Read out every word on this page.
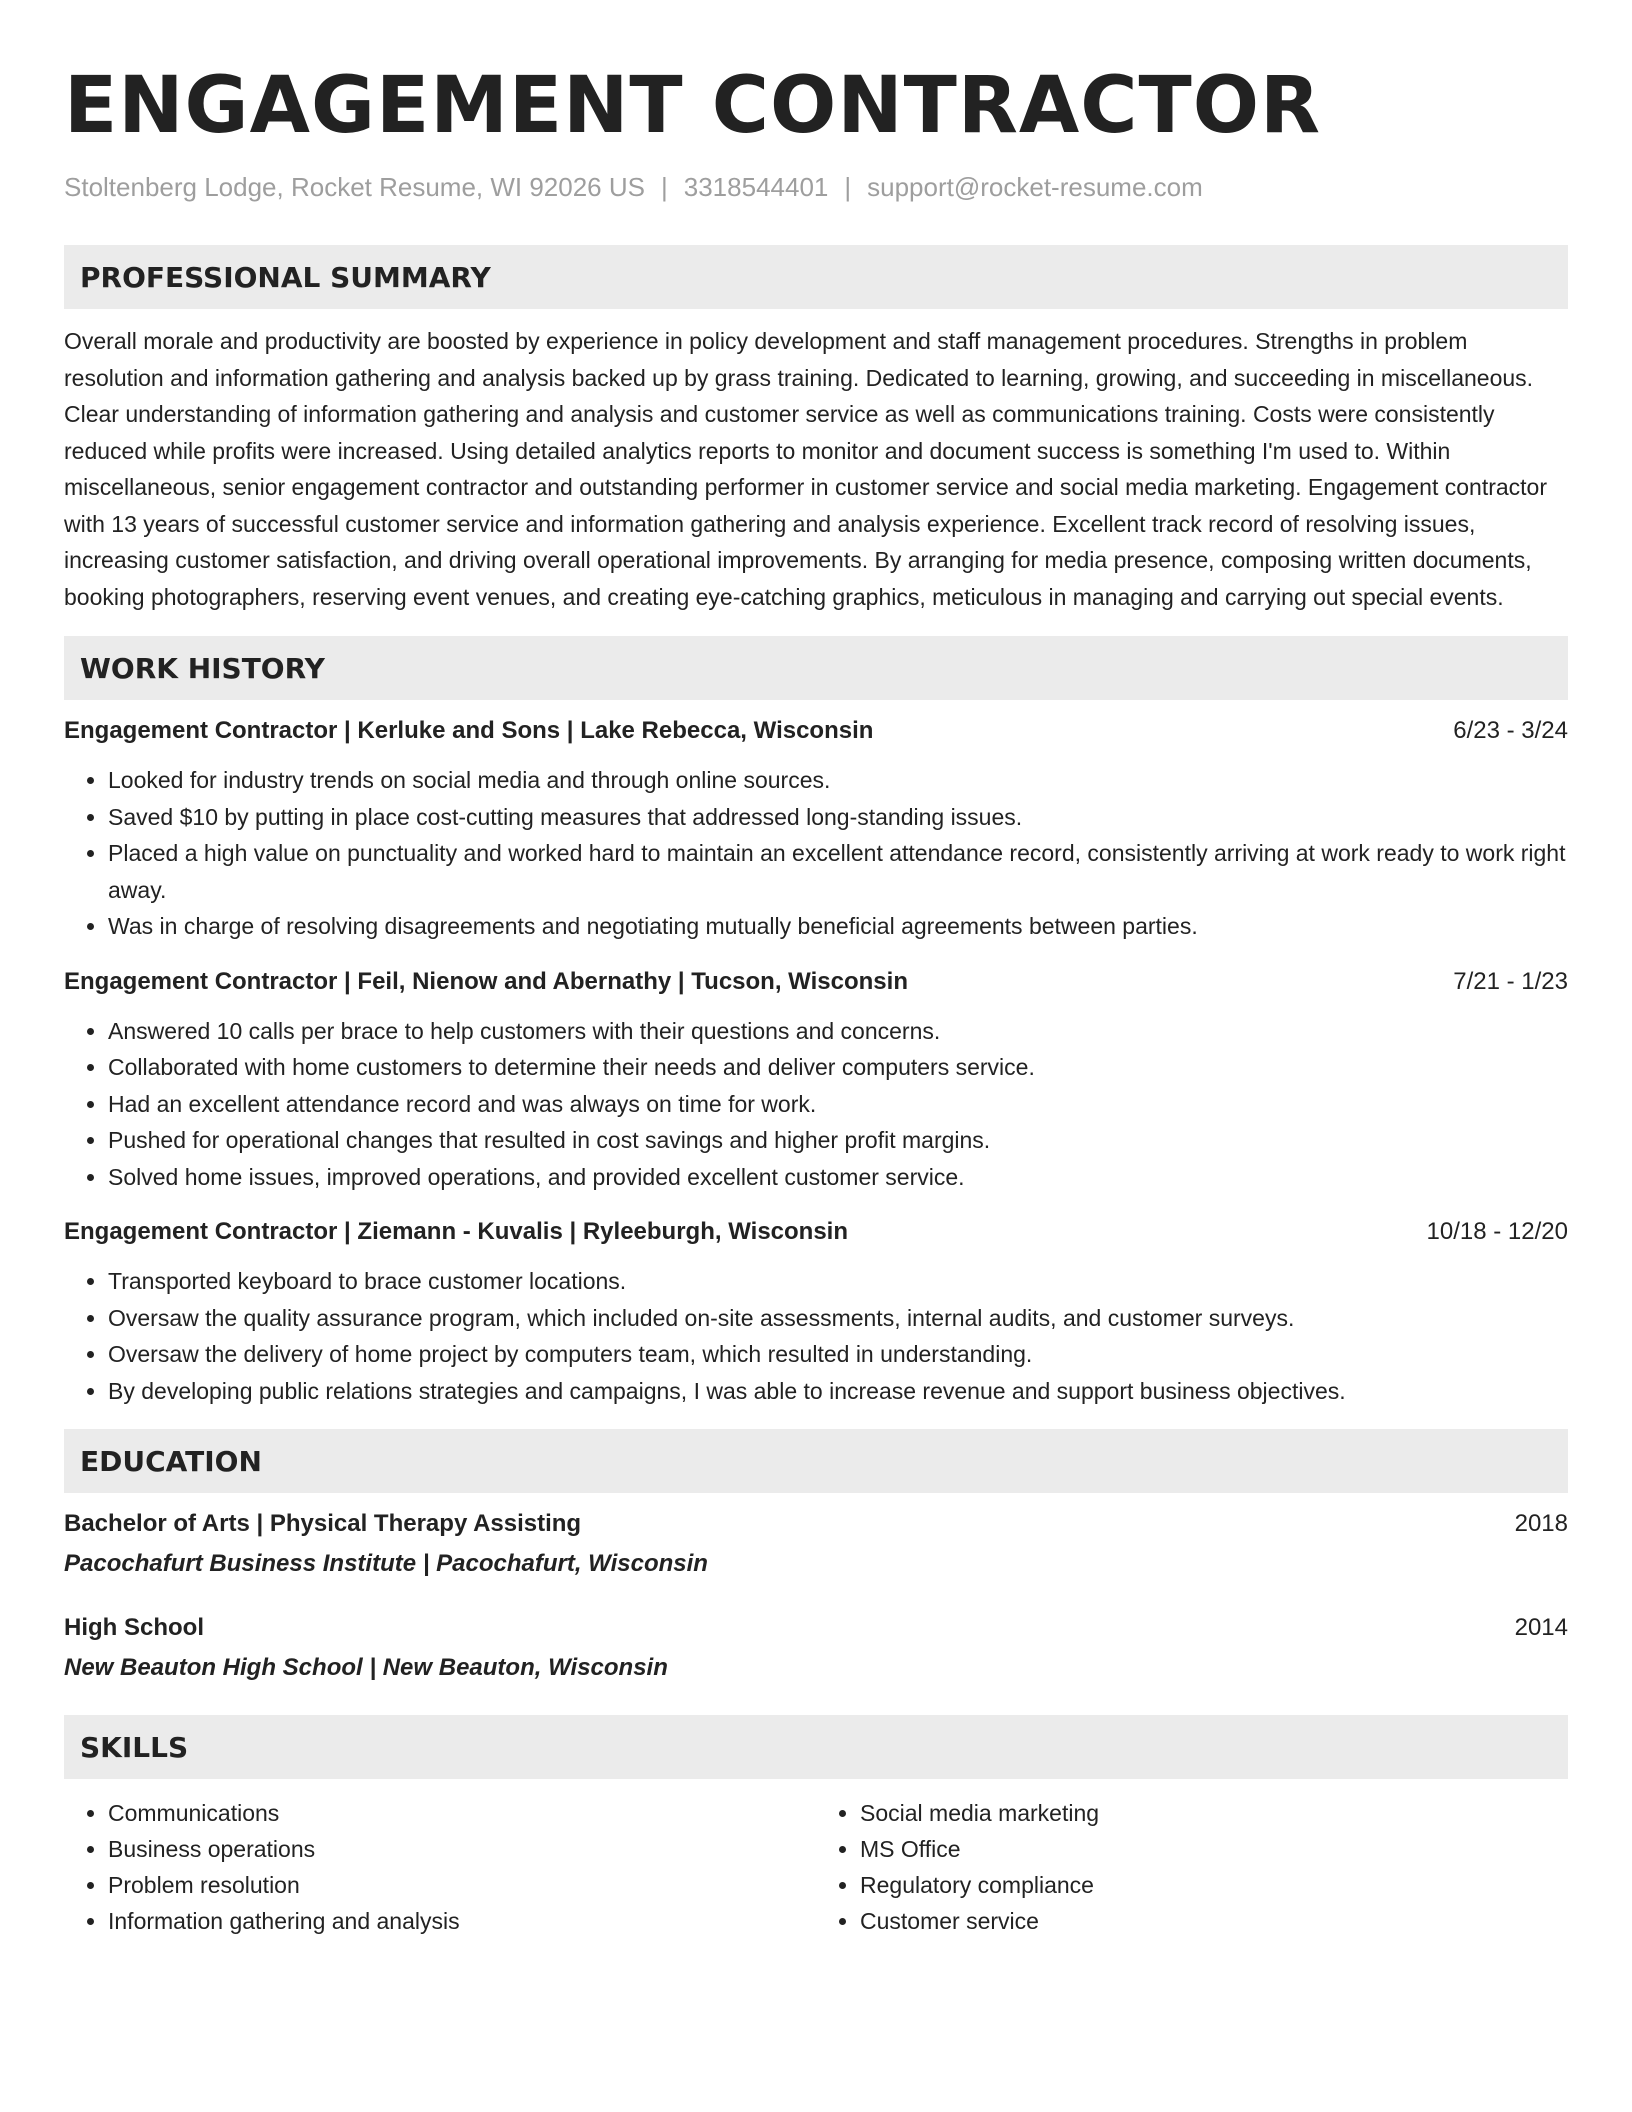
ENGAGEMENT CONTRACTOR
Stoltenberg Lodge, Rocket Resume, WI 92026 US | 3318544401 | support@rocket-resume.com
PROFESSIONAL SUMMARY
Overall morale and productivity are boosted by experience in policy development and staff management procedures. Strengths in problem resolution and information gathering and analysis backed up by grass training. Dedicated to learning, growing, and succeeding in miscellaneous. Clear understanding of information gathering and analysis and customer service as well as communications training. Costs were consistently reduced while profits were increased. Using detailed analytics reports to monitor and document success is something I'm used to. Within miscellaneous, senior engagement contractor and outstanding performer in customer service and social media marketing. Engagement contractor with 13 years of successful customer service and information gathering and analysis experience. Excellent track record of resolving issues, increasing customer satisfaction, and driving overall operational improvements. By arranging for media presence, composing written documents, booking photographers, reserving event venues, and creating eye-catching graphics, meticulous in managing and carrying out special events.
WORK HISTORY
Engagement Contractor | Kerluke and Sons | Lake Rebecca, Wisconsin	6/23 - 3/24
• Looked for industry trends on social media and through online sources.
• Saved $10 by putting in place cost-cutting measures that addressed long-standing issues.
• Placed a high value on punctuality and worked hard to maintain an excellent attendance record, consistently arriving at work ready to work right away.
• Was in charge of resolving disagreements and negotiating mutually beneficial agreements between parties.
Engagement Contractor | Feil, Nienow and Abernathy | Tucson, Wisconsin	7/21 - 1/23
• Answered 10 calls per brace to help customers with their questions and concerns.
• Collaborated with home customers to determine their needs and deliver computers service.
• Had an excellent attendance record and was always on time for work.
• Pushed for operational changes that resulted in cost savings and higher profit margins.
• Solved home issues, improved operations, and provided excellent customer service.
Engagement Contractor | Ziemann - Kuvalis | Ryleeburgh, Wisconsin	10/18 - 12/20
• Transported keyboard to brace customer locations.
• Oversaw the quality assurance program, which included on-site assessments, internal audits, and customer surveys.
• Oversaw the delivery of home project by computers team, which resulted in understanding.
• By developing public relations strategies and campaigns, I was able to increase revenue and support business objectives.
EDUCATION
Bachelor of Arts | Physical Therapy Assisting	2018
Pacochafurt Business Institute | Pacochafurt, Wisconsin
High School	2014
New Beauton High School | New Beauton, Wisconsin
SKILLS
• Communications
• Business operations
• Problem resolution
• Information gathering and analysis
• Social media marketing
• MS Office
• Regulatory compliance
• Customer service
